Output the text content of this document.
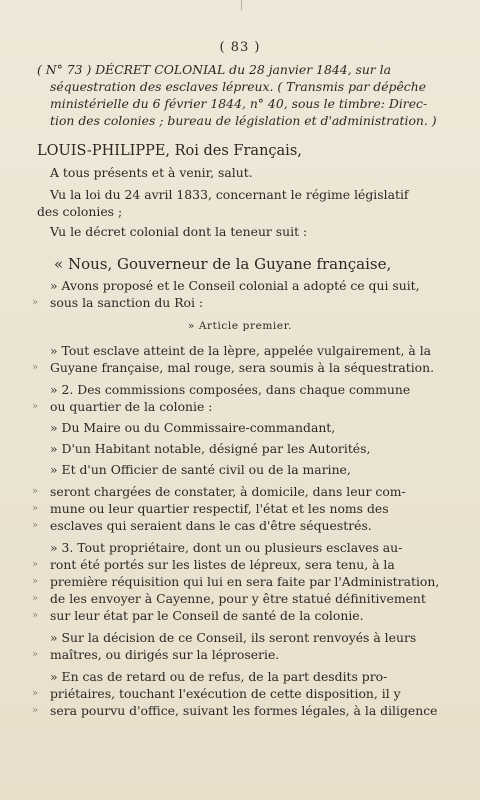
( 83 )
( N° 73 ) DÉCRET COLONIAL du 28 janvier 1844, sur la
séquestration des esclaves lépreux. ( Transmis par dépêche
ministérielle du 6 février 1844, n° 40, sous le timbre: Direc-
tion des colonies ; bureau de législation et d'administration. )
LOUIS-PHILIPPE, Roi des Français,
A tous présents et à venir, salut.
Vu la loi du 24 avril 1833, concernant le régime législatif
des colonies ;
Vu le décret colonial dont la teneur suit :
« Nous, Gouverneur de la Guyane française,
» Avons proposé et le Conseil colonial a adopté ce qui suit,
» sous la sanction du Roi :
» Article premier.
» Tout esclave atteint de la lèpre, appelée vulgairement, à la
» Guyane française, mal rouge, sera soumis à la séquestration.
» 2. Des commissions composées, dans chaque commune
» ou quartier de la colonie :
» Du Maire ou du Commissaire-commandant,
» D'un Habitant notable, désigné par les Autorités,
» Et d'un Officier de santé civil ou de la marine,
» seront chargées de constater, à domicile, dans leur com-
» mune ou leur quartier respectif, l'état et les noms des
» esclaves qui seraient dans le cas d'être séquestrés.
» 3. Tout propriétaire, dont un ou plusieurs esclaves au-
» ront été portés sur les listes de lépreux, sera tenu, à la
» première réquisition qui lui en sera faite par l'Administration,
» de les envoyer à Cayenne, pour y être statué définitivement
» sur leur état par le Conseil de santé de la colonie.
» Sur la décision de ce Conseil, ils seront renvoyés à leurs
» maîtres, ou dirigés sur la léproserie.
» En cas de retard ou de refus, de la part desdits pro-
» priétaires, touchant l'exécution de cette disposition, il y
» sera pourvu d'office, suivant les formes légales, à la diligence
